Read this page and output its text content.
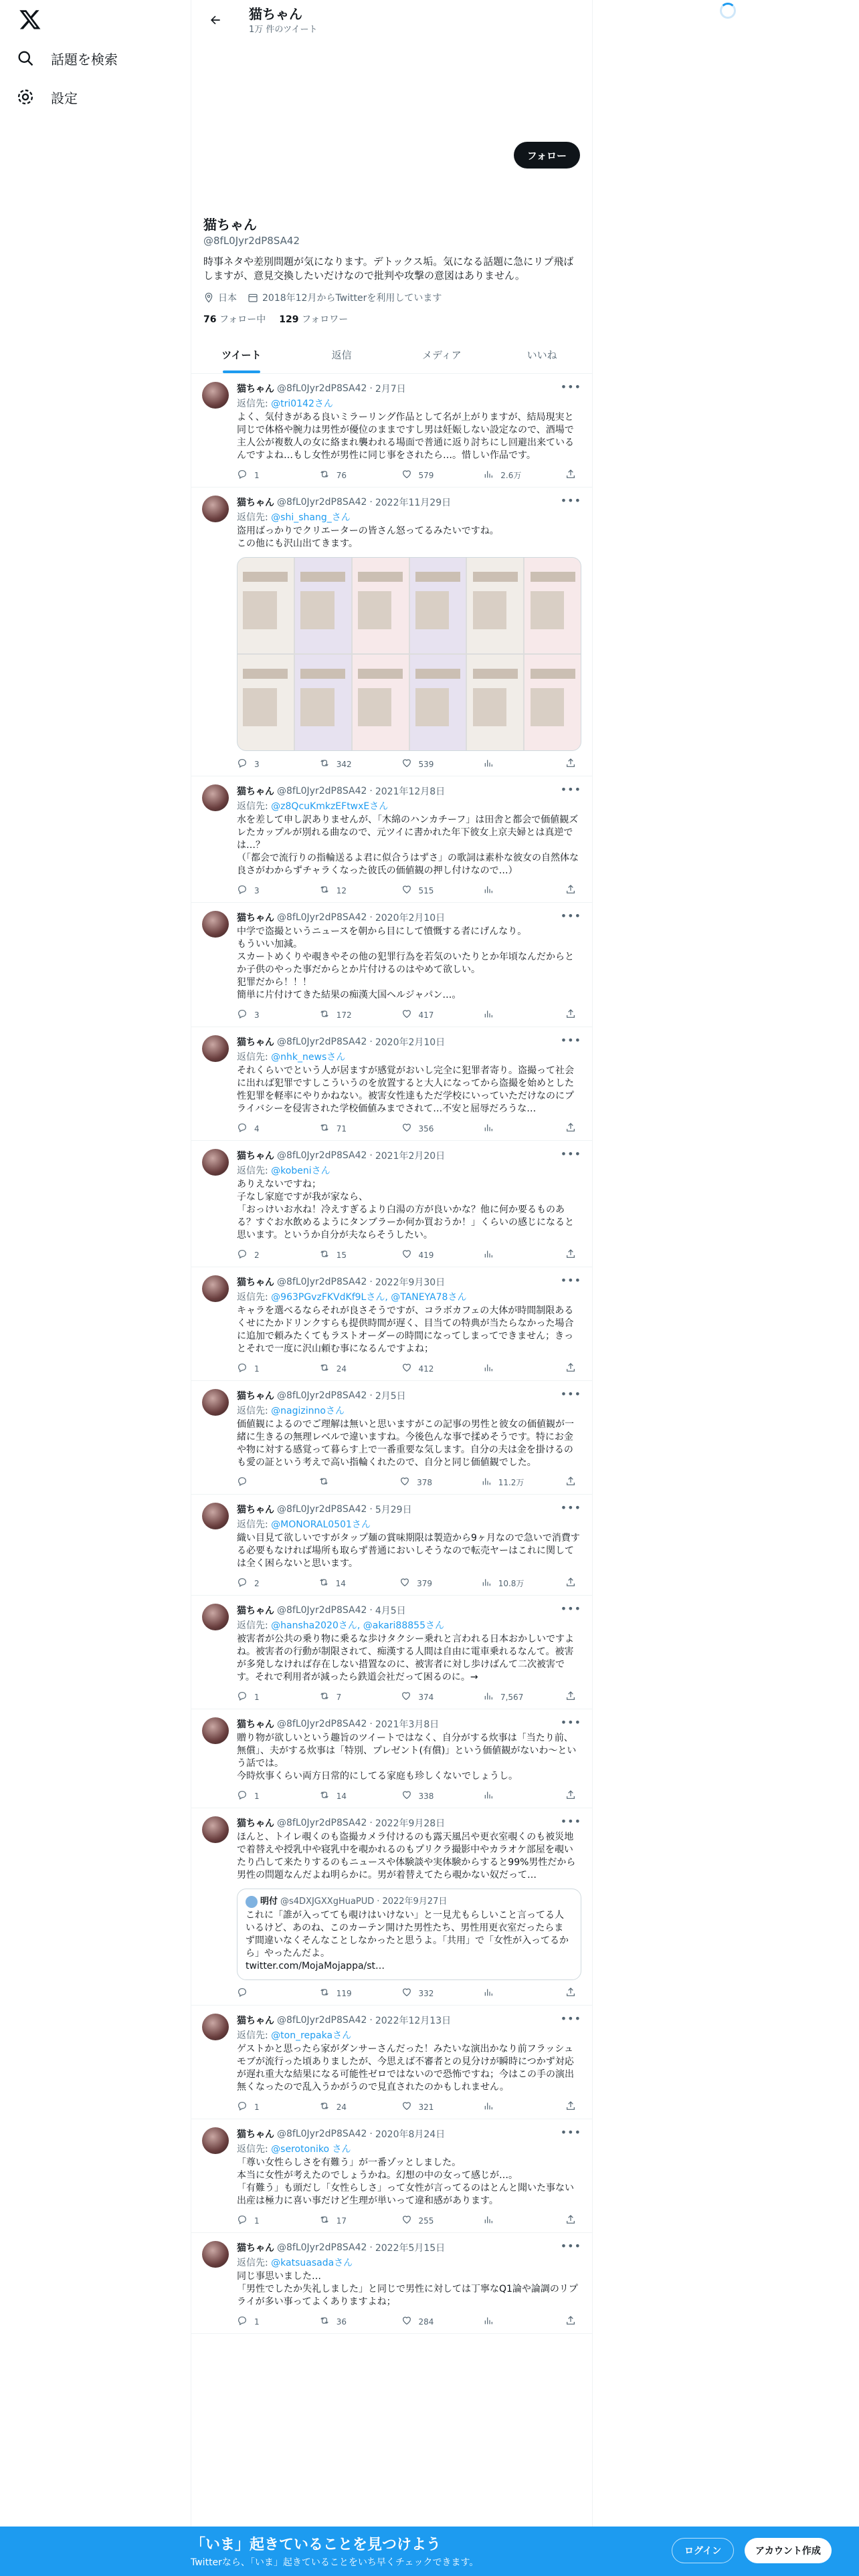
話題を検索
設定
猫ちゃん
1万 件のツイート
フォロー
猫ちゃん
@8fL0Jyr2dP8SA42
時事ネタや差別問題が気になります。デトックス垢。気になる話題に急にリプ飛ばしますが、意見交換したいだけなので批判や攻撃の意図はありません。
日本	2018年12月からTwitterを利用しています
76 フォロー中 129 フォロワー
ツイート	返信	メディア	いいね
•••
猫ちゃん @8fL0Jyr2dP8SA42 · 2月7日
返信先: @tri0142さん
よく、気付きがある良いミラーリング作品として名が上がりますが、結局現実と同じで体格や腕力は男性が優位のままですし男は妊娠しない設定なので、酒場で主人公が複数人の女に絡まれ襲われる場面で普通に返り討ちにし回避出来ているんですよね…もし女性が男性に同じ事をされたら…。惜しい作品です。
1	76	579	2.6万
•••
猫ちゃん @8fL0Jyr2dP8SA42 · 2022年11月29日
返信先: @shi_shang_さん
盗用ばっかりでクリエーターの皆さん怒ってるみたいですね。
この他にも沢山出てきます。
3	342	539
•••
猫ちゃん @8fL0Jyr2dP8SA42 · 2021年12月8日
返信先: @z8QcuKmkzEFtwxEさん
水を差して申し訳ありませんが、「木綿のハンカチーフ」は田舎と都会で価値観ズレたカップルが別れる曲なので、元ツイに書かれた年下彼女上京夫婦とは真逆では…？
（「都会で流行りの指輪送るよ君に似合うはずさ」の歌詞は素朴な彼女の自然体な良さがわからずチャラくなった彼氏の価値観の押し付けなので…）
3	12	515
•••
猫ちゃん @8fL0Jyr2dP8SA42 · 2020年2月10日
中学で盗撮というニュースを朝から目にして憤慨する者にげんなり。
もういい加減。
スカートめくりや覗きやその他の犯罪行為を若気のいたりとか年頃なんだからとか子供のやった事だからとか片付けるのはやめて欲しい。
犯罪だから！！！
簡単に片付けてきた結果の痴漢大国ヘルジャパン…。
3	172	417
•••
猫ちゃん @8fL0Jyr2dP8SA42 · 2020年2月10日
返信先: @nhk_newsさん
それくらいでという人が居ますが感覚がおいし完全に犯罪者寄り。盗撮って社会に出れば犯罪ですしこういうのを放置すると大人になってから盗撮を始めとした性犯罪を軽率にやりかねない。被害女性達もただ学校にいっていただけなのにプライバシーを侵害された学校価値みまでされて…不安と屈辱だろうな…
4	71	356
•••
猫ちゃん @8fL0Jyr2dP8SA42 · 2021年2月20日
返信先: @kobeniさん
ありえないですね；
子なし家庭ですが我が家なら、
「おっけいお水ね！冷えすぎるより白湯の方が良いかな？他に何か要るものある？すぐお水飲めるようにタンブラーか何か買おうか！」くらいの感じになると思います。というか自分が夫ならそうしたい。
2	15	419
•••
猫ちゃん @8fL0Jyr2dP8SA42 · 2022年9月30日
返信先: @963PGvzFKVdKf9Lさん, @TANEYA78さん
キャラを選べるならそれが良さそうですが、コラボカフェの大体が時間制限あるくせにたかドリンクすらも提供時間が遅く、目当ての特典が当たらなかった場合に追加で頼みたくてもラストオーダーの時間になってしまってできません；きっとそれで一度に沢山頼む事になるんですよね；
1	24	412
•••
猫ちゃん @8fL0Jyr2dP8SA42 · 2月5日
返信先: @nagizinnoさん
価値観によるのでご理解は無いと思いますがこの記事の男性と彼女の価値観が一緒に生きるの無理レベルで違いますね。今後色んな事で揉めそうです。特にお金や物に対する感覚って暮らす上で一番重要な気します。自分の夫は金を掛けるのも愛の証という考えで高い指輪くれたので、自分と同じ価値観でした。
378	11.2万
•••
猫ちゃん @8fL0Jyr2dP8SA42 · 5月29日
返信先: @MONORAL0501さん
織い目見て欲しいですがタップ麺の賞味期限は製造から9ヶ月なので急いで消費する必要もなければ場所も取らず普通においしそうなので転売ヤーはこれに関しては全く困らないと思います。
2	14	379	10.8万
•••
猫ちゃん @8fL0Jyr2dP8SA42 · 4月5日
返信先: @hansha2020さん, @akari88855さん
被害者が公共の乗り物に乗るな歩けタクシー乗れと言われる日本おかしいですよね。被害者の行動が制限されて、痴漢する人間は自由に電車乗れるなんて。被害が多発しなければ存在しない措置なのに、被害者に対し歩けばんて二次被害です。それで利用者が減ったら鉄道会社だって困るのに。→
1	7	374	7,567
•••
猫ちゃん @8fL0Jyr2dP8SA42 · 2021年3月8日
贈り物が欲しいという趣旨のツイートではなく、自分がする炊事は「当たり前、無償」、夫がする炊事は「特別、プレゼント(有償)」という価値観がないわ〜という話では。
今時炊事くらい両方日常的にしてる家庭も珍しくないでしょうし。
1	14	338
•••
猫ちゃん @8fL0Jyr2dP8SA42 · 2022年9月28日
ほんと、トイレ覗くのも盗撮カメラ付けるのも露天風呂や更衣室覗くのも被災地で着替えや授乳中や寝乳中を覗かれるのもプリクラ撮影中やカラオケ部屋を覗いたり凸して来たりするのもニュースや体験談や実体験からすると99%男性だから男性の問題なんだよね明らかに。男が着替えてたら覗かない奴だって…
明付 @s4DXJGXXgHuaPUD · 2022年9月27日
これに「誰が入ってても覗けはいけない」と一見尤もらしいこと言ってる人いるけど、あのね、このカーテン開けた男性たち、男性用更衣室だったらまず間違いなくそんなことしなかったと思うよ。「共用」で「女性が入ってるから」やったんだよ。
twitter.com/MojaMojappa/st…
119	332
•••
猫ちゃん @8fL0Jyr2dP8SA42 · 2022年12月13日
返信先: @ton_repakaさん
ゲストかと思ったら家がダンサーさんだった！みたいな演出かなり前フラッシュモブが流行った頃ありましたが、今思えば不審者との見分けが瞬時につかず対応が遅れ重大な結果になる可能性ゼロではないので恐怖ですね；今はこの手の演出無くなったので乱入うかがうので見直されたのかもしれません。
1	24	321
•••
猫ちゃん @8fL0Jyr2dP8SA42 · 2020年8月24日
返信先: @serotoniko さん
「尊い女性らしさを有難う」が一番ゾッとしました。
本当に女性が考えたのでしょうかね。幻想の中の女って感じが…。
「有難う」も頭だし「女性らしさ」って女性が言ってるのはとんと聞いた事ない出産は極力に喜い事だけど生理が単いって違和感があります。
1	17	255
•••
猫ちゃん @8fL0Jyr2dP8SA42 · 2022年5月15日
返信先: @katsuasadaさん
同じ事思いました…
「男性でしたか失礼しました」と同じで男性に対しては丁寧なQ1論や論調のリプライが多い事ってよくありますよね；
1	36	284
「いま」起きていることを見つけよう
Twitterなら、「いま」起きていることをいち早くチェックできます。
ログイン	アカウント作成
